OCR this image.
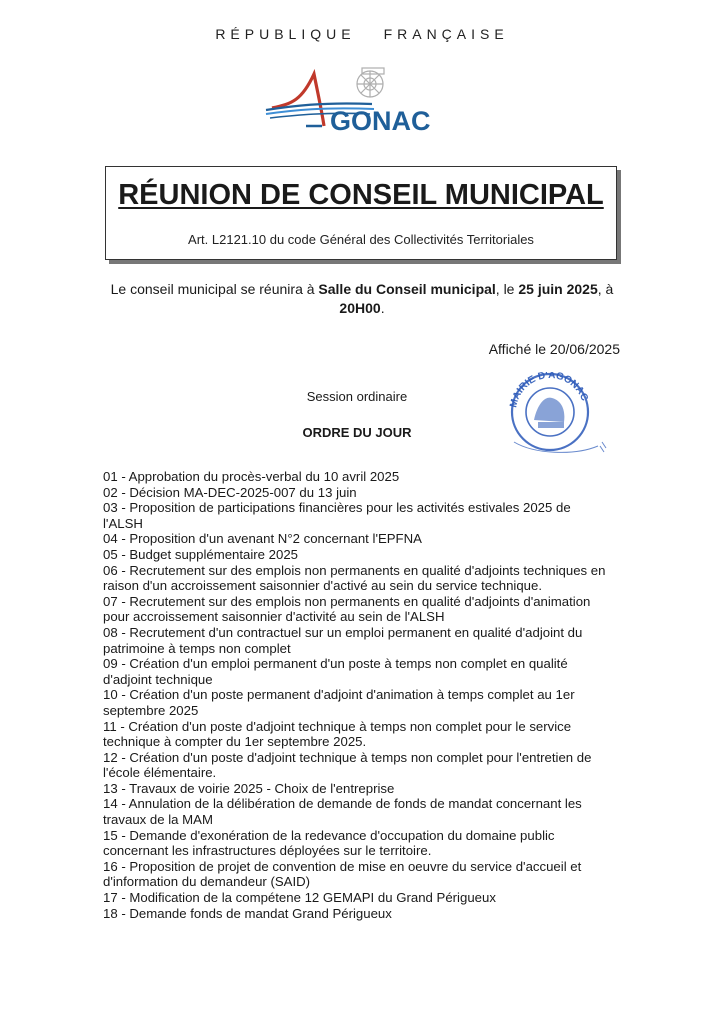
RÉPUBLIQUE FRANÇAISE
GONAC
RÉUNION DE CONSEIL MUNICIPAL
Art. L2121.10 du code Général des Collectivités Territoriales
Le conseil municipal se réunira à Salle du Conseil municipal, le 25 juin 2025, à
20H00.
Affiché le 20/06/2025
Session ordinaire
ORDRE DU JOUR
MAIRIE D'AGONAC
01 - Approbation du procès-verbal du 10 avril 2025
02 - Décision MA-DEC-2025-007 du 13 juin
03 - Proposition de participations financières pour les activités estivales 2025 de l'ALSH
04 - Proposition d'un avenant N°2 concernant l'EPFNA
05 - Budget supplémentaire 2025
06 - Recrutement sur des emplois non permanents en qualité d'adjoints techniques en raison d'un accroissement saisonnier d'activé au sein du service technique.
07 - Recrutement sur des emplois non permanents en qualité d'adjoints d'animation pour accroissement saisonnier d'activité au sein de l'ALSH
08 - Recrutement d'un contractuel sur un emploi permanent en qualité d'adjoint du patrimoine à temps non complet
09 - Création d'un emploi permanent d'un poste à temps non complet en qualité d'adjoint technique
10 - Création d'un poste permanent d'adjoint d'animation à temps complet au 1er septembre 2025
11 - Création d'un poste d'adjoint technique à temps non complet pour le service technique à compter du 1er septembre 2025.
12 - Création d'un poste d'adjoint technique à temps non complet pour l'entretien de l'école élémentaire.
13 - Travaux de voirie 2025 - Choix de l'entreprise
14 - Annulation de la délibération de demande de fonds de mandat concernant les travaux de la MAM
15 - Demande d'exonération de la redevance d'occupation du domaine public concernant les infrastructures déployées sur le territoire.
16 - Proposition de projet de convention de mise en oeuvre du service d'accueil et d'information du demandeur (SAID)
17 - Modification de la compétene 12 GEMAPI du Grand Périgueux
18 - Demande fonds de mandat Grand Périgueux
